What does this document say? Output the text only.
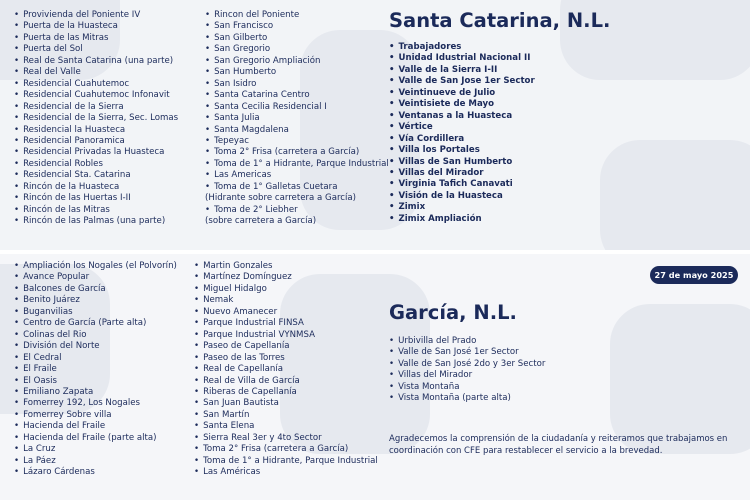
• Provivienda del Poniente IV
• Puerta de la Huasteca
• Puerta de las Mitras
• Puerta del Sol
• Real de Santa Catarina (una parte)
• Real del Valle
• Residencial Cuahutemoc
• Residencial Cuahutemoc Infonavit
• Residencial de la Sierra
• Residencial de la Sierra, Sec. Lomas
• Residencial la Huasteca
• Residencial Panoramica
• Residencial Privadas la Huasteca
• Residencial Robles
• Residencial Sta. Catarina
• Rincón de la Huasteca
• Rincón de las Huertas I-II
• Rincón de las Mitras
• Rincón de las Palmas (una parte)
• Rincon del Poniente
• San Francisco
• San Gilberto
• San Gregorio
• San Gregorio Ampliación
• San Humberto
• San Isidro
• Santa Catarina Centro
• Santa Cecilia Residencial I
• Santa Julia
• Santa Magdalena
• Tepeyac
• Toma 2° Frisa (carretera a García)
• Toma de 1° a Hidrante, Parque Industrial
• Las Americas
• Toma de 1° Galletas Cuetara
(Hidrante sobre carretera a García)
• Toma de 2° Liebher
(sobre carretera a García)
Santa Catarina, N.L.
• Trabajadores
• Unidad Idustrial Nacional II
• Valle de la Sierra I-II
• Valle de San Jose 1er Sector
• Veintinueve de Julio
• Veintisiete de Mayo
• Ventanas a la Huasteca
• Vértice
• Vía Cordillera
• Villa los Portales
• Villas de San Humberto
• Villas del Mirador
• Virginia Tafich Canavati
• Visión de la Huasteca
• Zimix
• Zimix Ampliación
• Ampliación los Nogales (el Polvorín)
• Avance Popular
• Balcones de García
• Benito Juárez
• Buganvilias
• Centro de García (Parte alta)
• Colinas del Rio
• División del Norte
• El Cedral
• El Fraile
• El Oasis
• Emiliano Zapata
• Fomerrey 192, Los Nogales
• Fomerrey Sobre villa
• Hacienda del Fraile
• Hacienda del Fraile (parte alta)
• La Cruz
• La Páez
• Lázaro Cárdenas
• Martin Gonzales
• Martínez Domínguez
• Miguel Hidalgo
• Nemak
• Nuevo Amanecer
• Parque Industrial FINSA
• Parque Industrial VYNMSA
• Paseo de Capellanía
• Paseo de las Torres
• Real de Capellanía
• Real de Villa de García
• Riberas de Capellanía
• San Juan Bautista
• San Martín
• Santa Elena
• Sierra Real 3er y 4to Sector
• Toma 2° Frisa (carretera a García)
• Toma de 1° a Hidrante, Parque Industrial
• Las Américas
27 de mayo 2025
García, N.L.
• Urbivilla del Prado
• Valle de San José 1er Sector
• Valle de San José 2do y 3er Sector
• Villas del Mirador
• Vista Montaña
• Vista Montaña (parte alta)

Agradecemos la comprensión de la ciudadanía y reiteramos que trabajamos en coordinación con CFE para restablecer el servicio a la brevedad.
